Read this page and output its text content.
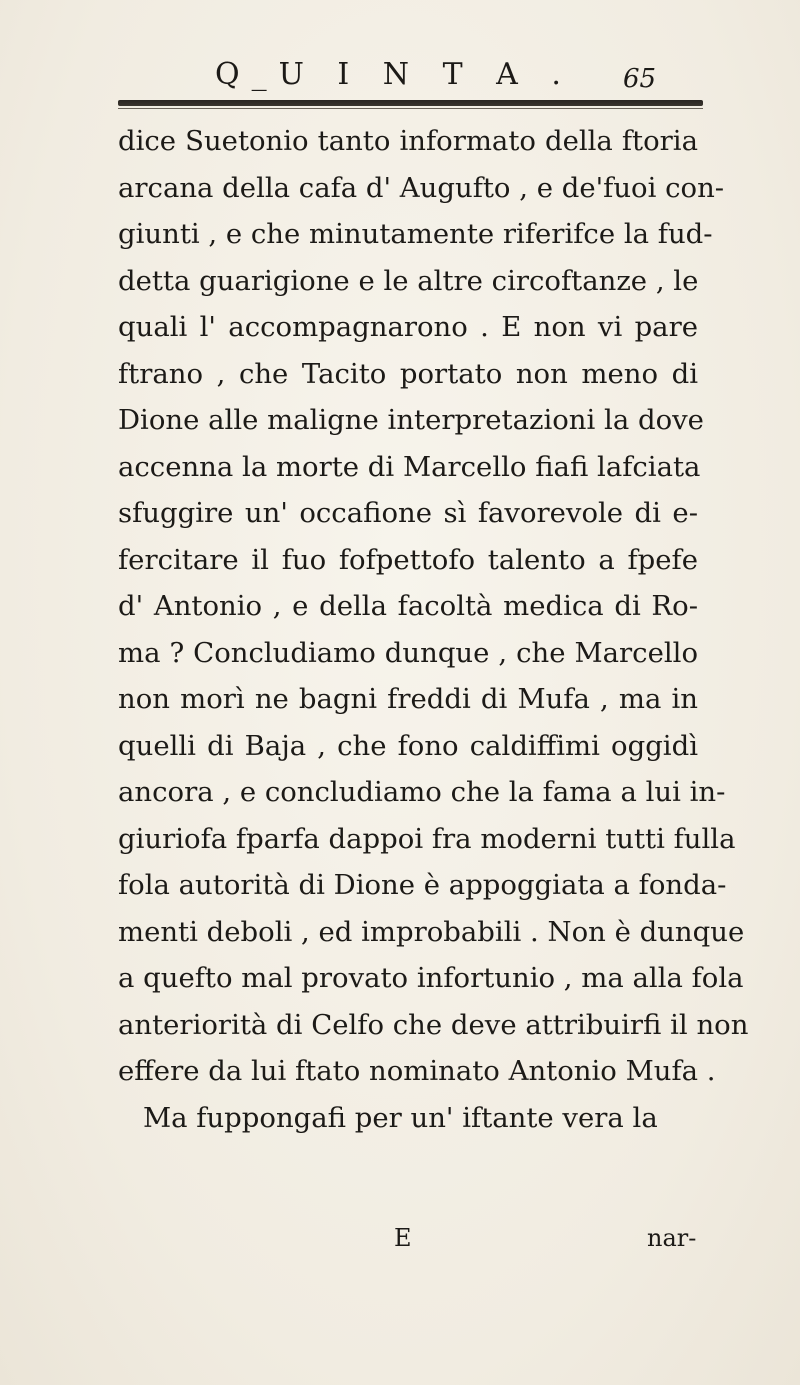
Q_U I N T A . 65
dice Suetonio tanto informato della ftoria
arcana della cafa d' Augufto , e de'fuoi con-
giunti , e che minutamente riferifce la fud-
detta guarigione e le altre circoftanze , le
quali l' accompagnarono . E non vi pare
ftrano , che Tacito portato non meno di
Dione alle maligne interpretazioni la dove
accenna la morte di Marcello fiafi lafciata
sfuggire un' occafione sì favorevole di e-
fercitare il fuo fofpettofo talento a fpefe
d' Antonio , e della facoltà medica di Ro-
ma ? Concludiamo dunque , che Marcello
non morì ne bagni freddi di Mufa , ma in
quelli di Baja , che fono caldiffimi oggidì
ancora , e concludiamo che la fama a lui in-
giuriofa fparfa dappoi fra moderni tutti fulla
fola autorità di Dione è appoggiata a fonda-
menti deboli , ed improbabili . Non è dunque
a quefto mal provato infortunio , ma alla fola
anteriorità di Celfo che deve attribuirfi il non
effere da lui ftato nominato Antonio Mufa .
Ma fuppongafi per un' iftante vera la
E	nar-
